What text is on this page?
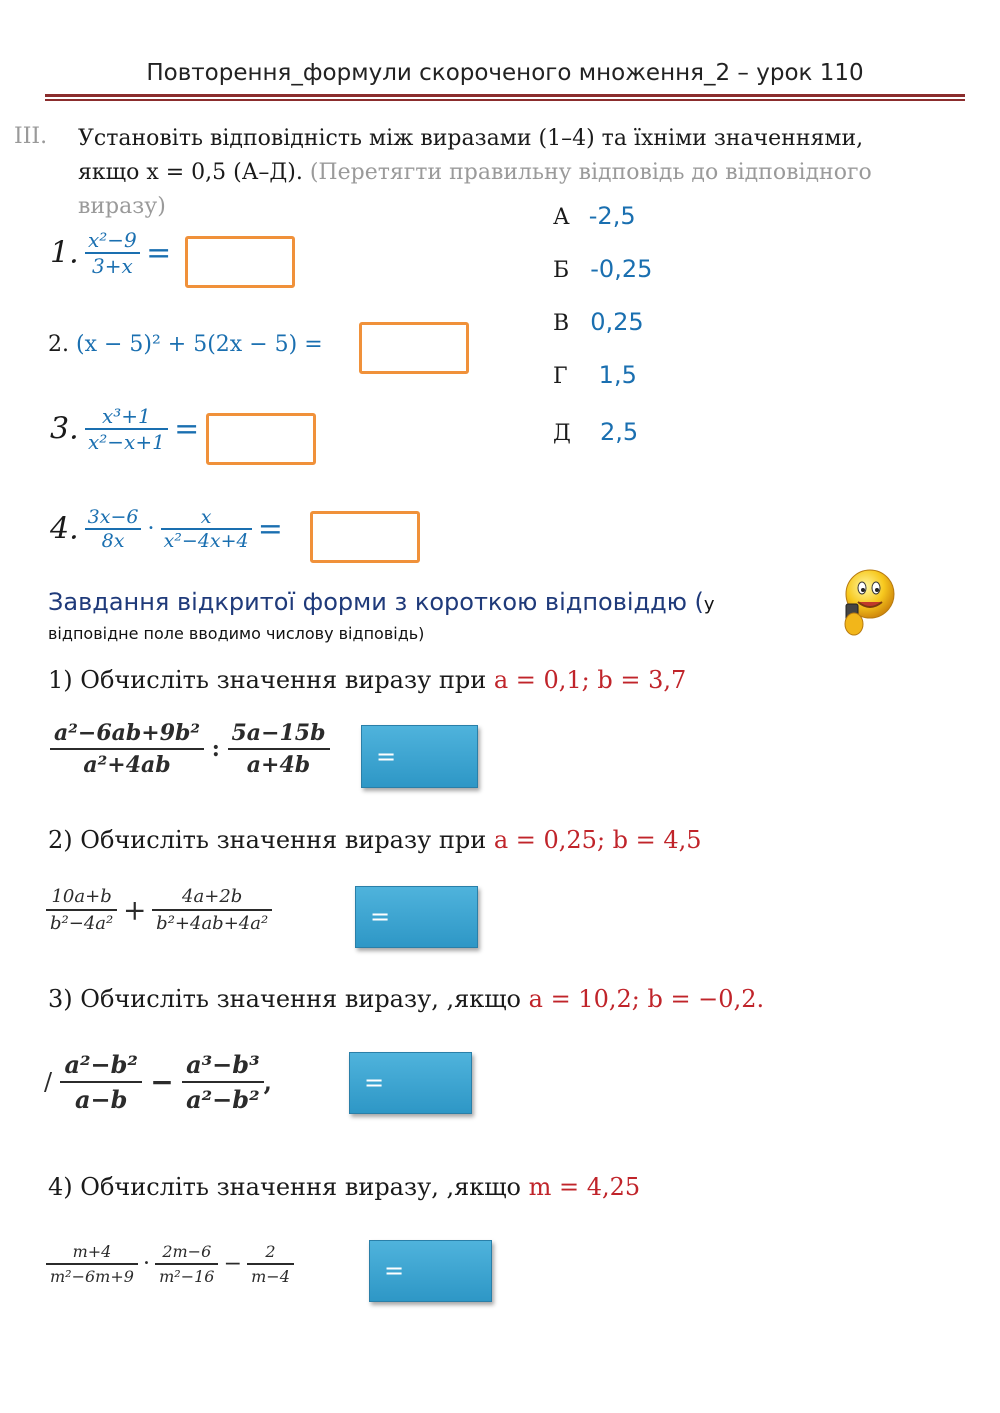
Повторення_формули скороченого множення_2 – урок 110
III. Установіть відповідність між виразами (1–4) та їхніми значеннями,
якщо х = 0,5 (А–Д). (Перетягти правильну відповідь до відповідного
виразу)
1. $\frac{\text{x²−9}}{3+x}$ =
2. (x − 5)² + 5(2x − 5) =
3. $\frac{\text{x³+1}}{\text{x²−x+1}}$ =
4. $\frac{3x-6}{8x} \cdot \frac{x}{\text{x²−4x+4}}$ =
А -2,5
Б -0,25
В 0,25
Г 1,5
Д 2,5
Завдання відкритої форми з короткою відповіддю (у
відповідне поле вводимо числову відповідь)
1) Обчисліть значення виразу при a = 0,1; b = 3,7
$\frac{\text{a²−6ab+9b²}}{\text{a²+4ab}}$ : $\frac{5a-15b}{a+4b}$ =
2) Обчисліть значення виразу при a = 0,25; b = 4,5
$\frac{10a+b}{\text{b²−4a²}} + \frac{4a+2b}{\text{b²+4ab+4a²}}$	=
3) Обчисліть значення виразу, ,якщо a = 10,2; b = −0,2.
/ $\frac{\text{a²−b²}}{a-b} - \frac{\text{a³−b³}}{\text{a²−b²}}$ ,	=
4) Обчисліть значення виразу, ,якщо m = 4,25
$\frac{m+4}{\text{m²−6m+9}} \cdot \frac{2m-6}{\text{m²−16}} - \frac{2}{m-4}$	=
